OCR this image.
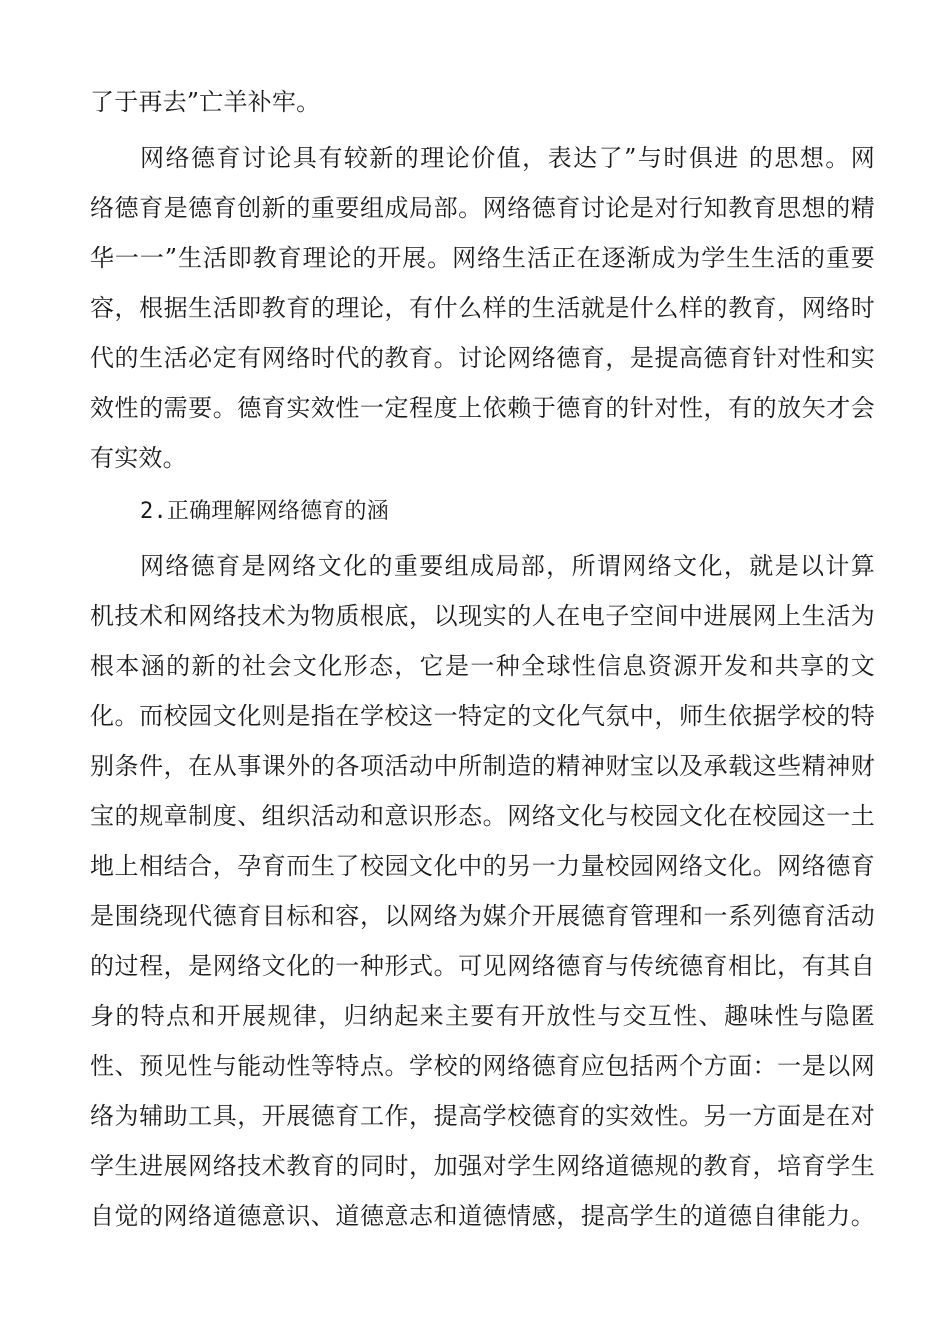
了于再去”亡羊补牢。
网络德育讨论具有较新的理论价值，表达了”与时俱进 的思想。网
络德育是德育创新的重要组成局部。网络德育讨论是对行知教育思想的精
华一一”生活即教育理论的开展。网络生活正在逐渐成为学生生活的重要
容，根据生活即教育的理论，有什么样的生活就是什么样的教育，网络时
代的生活必定有网络时代的教育。讨论网络德育，是提高德育针对性和实
效性的需要。德育实效性一定程度上依赖于德育的针对性，有的放矢才会
有实效。
2.正确理解网络德育的涵
网络德育是网络文化的重要组成局部，所谓网络文化，就是以计算
机技术和网络技术为物质根底，以现实的人在电子空间中进展网上生活为
根本涵的新的社会文化形态，它是一种全球性信息资源开发和共享的文
化。而校园文化则是指在学校这一特定的文化气氛中，师生依据学校的特
别条件，在从事课外的各项活动中所制造的精神财宝以及承载这些精神财
宝的规章制度、组织活动和意识形态。网络文化与校园文化在校园这一土
地上相结合，孕育而生了校园文化中的另一力量校园网络文化。网络德育
是围绕现代德育目标和容，以网络为媒介开展德育管理和一系列德育活动
的过程，是网络文化的一种形式。可见网络德育与传统德育相比，有其自
身的特点和开展规律，归纳起来主要有开放性与交互性、趣味性与隐匿
性、预见性与能动性等特点。学校的网络德育应包括两个方面：一是以网
络为辅助工具，开展德育工作，提高学校德育的实效性。另一方面是在对
学生进展网络技术教育的同时，加强对学生网络道德规的教育，培育学生
自觉的网络道德意识、道德意志和道德情感，提高学生的道德自律能力。
